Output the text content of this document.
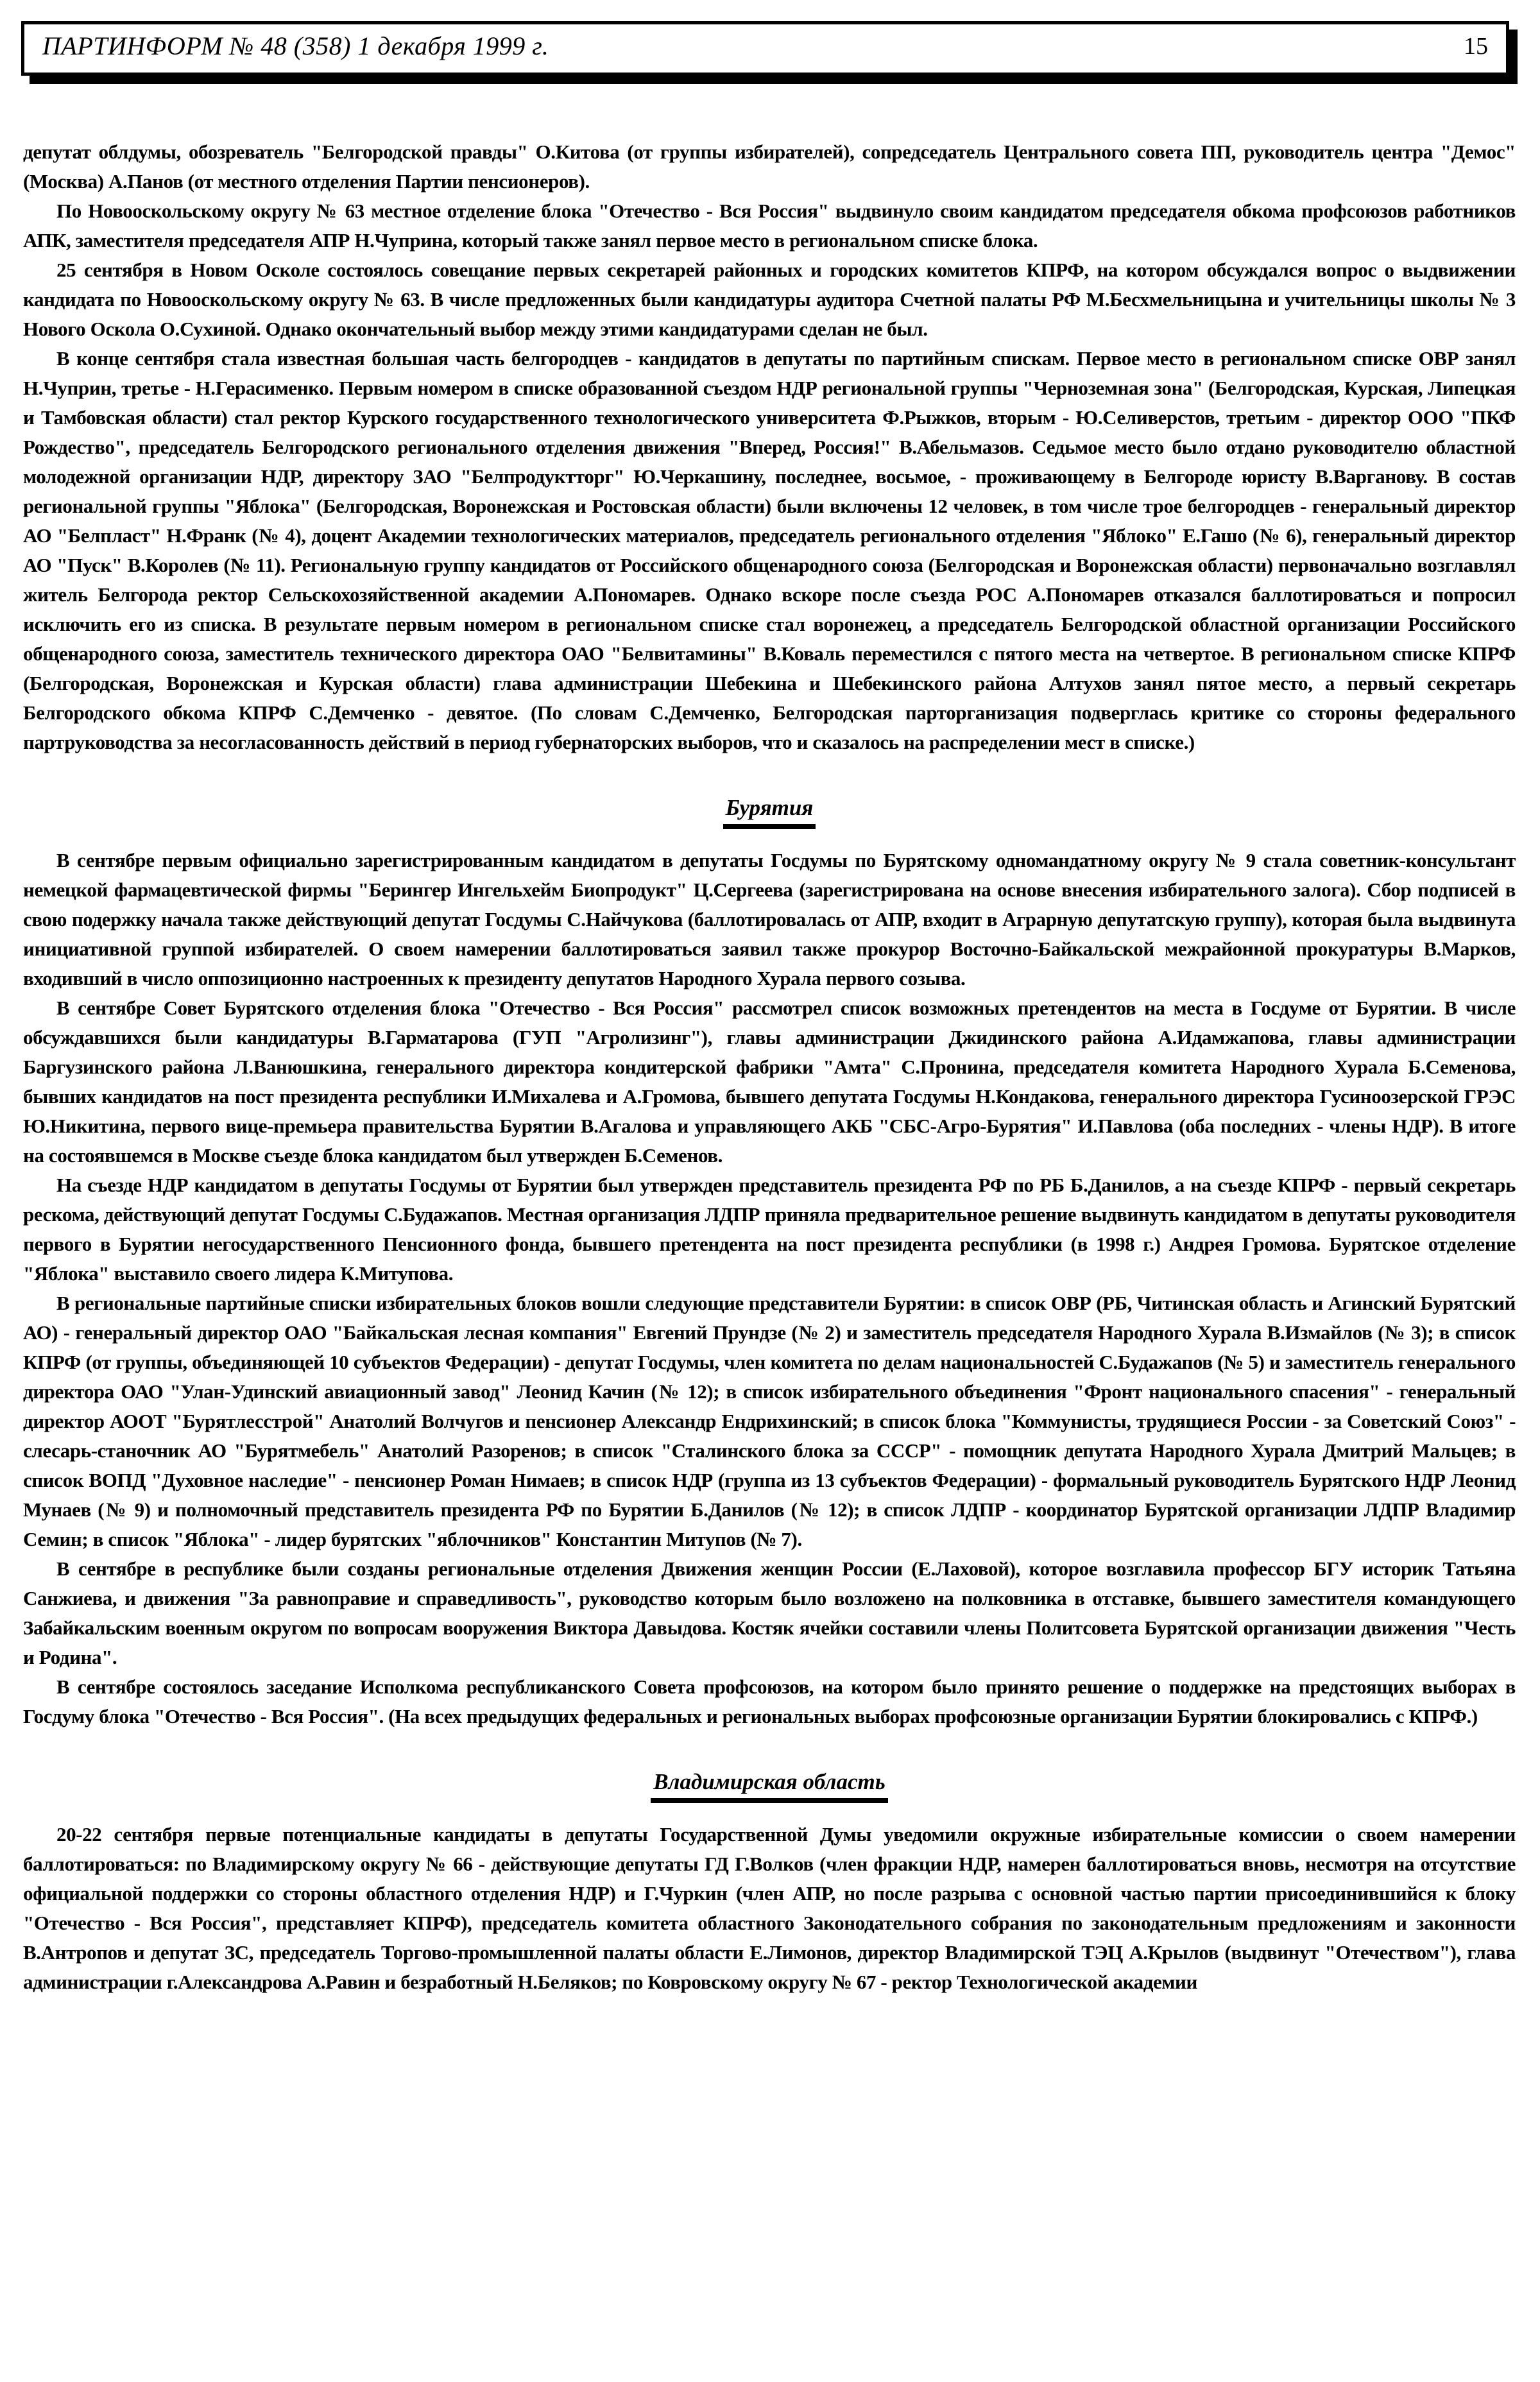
ПАРТИНФОРМ № 48 (358) 1 декабря 1999 г.	15

депутат облдумы, обозреватель "Белгородской правды" О.Китова (от группы избирателей), сопредседатель Центрального совета ПП, руководитель центра "Демос" (Москва) А.Панов (от местного отделения Партии пенсионеров).

По Новооскольскому округу № 63 местное отделение блока "Отечество - Вся Россия" выдвинуло своим кандидатом председателя обкома профсоюзов работников АПК, заместителя председателя АПР Н.Чуприна, который также занял первое место в региональном списке блока.

25 сентября в Новом Осколе состоялось совещание первых секретарей районных и городских комитетов КПРФ, на котором обсуждался вопрос о выдвижении кандидата по Новооскольскому округу № 63. В числе предложенных были кандидатуры аудитора Счетной палаты РФ М.Бесхмельницына и учительницы школы № 3 Нового Оскола О.Сухиной. Однако окончательный выбор между этими кандидатурами сделан не был.

В конце сентября стала известная большая часть белгородцев - кандидатов в депутаты по партийным спискам. Первое место в региональном списке ОВР занял Н.Чуприн, третье - Н.Герасименко. Первым номером в списке образованной съездом НДР региональной группы "Черноземная зона" (Белгородская, Курская, Липецкая и Тамбовская области) стал ректор Курского государственного технологического университета Ф.Рыжков, вторым - Ю.Селиверстов, третьим - директор ООО "ПКФ Рождество", председатель Белгородского регионального отделения движения "Вперед, Россия!" В.Абельмазов. Седьмое место было отдано руководителю областной молодежной организации НДР, директору ЗАО "Белпродуктторг" Ю.Черкашину, последнее, восьмое, - проживающему в Белгороде юристу В.Варганову. В состав региональной группы "Яблока" (Белгородская, Воронежская и Ростовская области) были включены 12 человек, в том числе трое белгородцев - генеральный директор АО "Белпласт" Н.Франк (№ 4), доцент Академии технологических материалов, председатель регионального отделения "Яблоко" Е.Гашо (№ 6), генеральный директор АО "Пуск" В.Королев (№ 11). Региональную группу кандидатов от Российского общенародного союза (Белгородская и Воронежская области) первоначально возглавлял житель Белгорода ректор Сельскохозяйственной академии А.Пономарев. Однако вскоре после съезда РОС А.Пономарев отказался баллотироваться и попросил исключить его из списка. В результате первым номером в региональном списке стал воронежец, а председатель Белгородской областной организации Российского общенародного союза, заместитель технического директора ОАО "Белвитамины" В.Коваль переместился с пятого места на четвертое. В региональном списке КПРФ (Белгородская, Воронежская и Курская области) глава администрации Шебекина и Шебекинского района Алтухов занял пятое место, а первый секретарь Белгородского обкома КПРФ С.Демченко - девятое. (По словам С.Демченко, Белгородская парторганизация подверглась критике со стороны федерального партруководства за несогласованность действий в период губернаторских выборов, что и сказалось на распределении мест в списке.)

Бурятия

В сентябре первым официально зарегистрированным кандидатом в депутаты Госдумы по Бурятскому одномандатному округу № 9 стала советник-консультант немецкой фармацевтической фирмы "Берингер Ингельхейм Биопродукт" Ц.Сергеева (зарегистрирована на основе внесения избирательного залога). Сбор подписей в свою подержку начала также действующий депутат Госдумы С.Найчукова (баллотировалась от АПР, входит в Аграрную депутатскую группу), которая была выдвинута инициативной группой избирателей. О своем намерении баллотироваться заявил также прокурор Восточно-Байкальской межрайонной прокуратуры В.Марков, входивший в число оппозиционно настроенных к президенту депутатов Народного Хурала первого созыва.

В сентябре Совет Бурятского отделения блока "Отечество - Вся Россия" рассмотрел список возможных претендентов на места в Госдуме от Бурятии. В числе обсуждавшихся были кандидатуры В.Гарматарова (ГУП "Агролизинг"), главы администрации Джидинского района А.Идамжапова, главы администрации Баргузинского района Л.Ванюшкина, генерального директора кондитерской фабрики "Амта" С.Пронина, председателя комитета Народного Хурала Б.Семенова, бывших кандидатов на пост президента республики И.Михалева и А.Громова, бывшего депутата Госдумы Н.Кондакова, генерального директора Гусиноозерской ГРЭС Ю.Никитина, первого вице-премьера правительства Бурятии В.Агалова и управляющего АКБ "СБС-Агро-Бурятия" И.Павлова (оба последних - члены НДР). В итоге на состоявшемся в Москве съезде блока кандидатом был утвержден Б.Семенов.

На съезде НДР кандидатом в депутаты Госдумы от Бурятии был утвержден представитель президента РФ по РБ Б.Данилов, а на съезде КПРФ - первый секретарь рескома, действующий депутат Госдумы С.Будажапов. Местная организация ЛДПР приняла предварительное решение выдвинуть кандидатом в депутаты руководителя первого в Бурятии негосударственного Пенсионного фонда, бывшего претендента на пост президента республики (в 1998 г.) Андрея Громова. Бурятское отделение "Яблока" выставило своего лидера К.Митупова.

В региональные партийные списки избирательных блоков вошли следующие представители Бурятии: в список ОВР (РБ, Читинская область и Агинский Бурятский АО) - генеральный директор ОАО "Байкальская лесная компания" Евгений Прундзе (№ 2) и заместитель председателя Народного Хурала В.Измайлов (№ 3); в список КПРФ (от группы, объединяющей 10 субъектов Федерации) - депутат Госдумы, член комитета по делам национальностей С.Будажапов (№ 5) и заместитель генерального директора ОАО "Улан-Удинский авиационный завод" Леонид Качин (№ 12); в список избирательного объединения "Фронт национального спасения" - генеральный директор АООТ "Бурятлесстрой" Анатолий Волчугов и пенсионер Александр Ендрихинский; в список блока "Коммунисты, трудящиеся России - за Советский Союз" - слесарь-станочник АО "Бурятмебель" Анатолий Разоренов; в список "Сталинского блока за СССР" - помощник депутата Народного Хурала Дмитрий Мальцев; в список ВОПД "Духовное наследие" - пенсионер Роман Нимаев; в список НДР (группа из 13 субъектов Федерации) - формальный руководитель Бурятского НДР Леонид Мунаев (№ 9) и полномочный представитель президента РФ по Бурятии Б.Данилов (№ 12); в список ЛДПР - координатор Бурятской организации ЛДПР Владимир Семин; в список "Яблока" - лидер бурятских "яблочников" Константин Митупов (№ 7).

В сентябре в республике были созданы региональные отделения Движения женщин России (Е.Лаховой), которое возглавила профессор БГУ историк Татьяна Санжиева, и движения "За равноправие и справедливость", руководство которым было возложено на полковника в отставке, бывшего заместителя командующего Забайкальским военным округом по вопросам вооружения Виктора Давыдова. Костяк ячейки составили члены Политсовета Бурятской организации движения "Честь и Родина".

В сентябре состоялось заседание Исполкома республиканского Совета профсоюзов, на котором было принято решение о поддержке на предстоящих выборах в Госдуму блока "Отечество - Вся Россия". (На всех предыдущих федеральных и региональных выборах профсоюзные организации Бурятии блокировались с КПРФ.)

Владимирская область

20-22 сентября первые потенциальные кандидаты в депутаты Государственной Думы уведомили окружные избирательные комиссии о своем намерении баллотироваться: по Владимирскому округу № 66 - действующие депутаты ГД Г.Волков (член фракции НДР, намерен баллотироваться вновь, несмотря на отсутствие официальной поддержки со стороны областного отделения НДР) и Г.Чуркин (член АПР, но после разрыва с основной частью партии присоединившийся к блоку "Отечество - Вся Россия", представляет КПРФ), председатель комитета областного Законодательного собрания по законодательным предложениям и законности В.Антропов и депутат ЗС, председатель Торгово-промышленной палаты области Е.Лимонов, директор Владимирской ТЭЦ А.Крылов (выдвинут "Отечеством"), глава администрации г.Александрова А.Равин и безработный Н.Беляков; по Ковровскому округу № 67 - ректор Технологической академии
